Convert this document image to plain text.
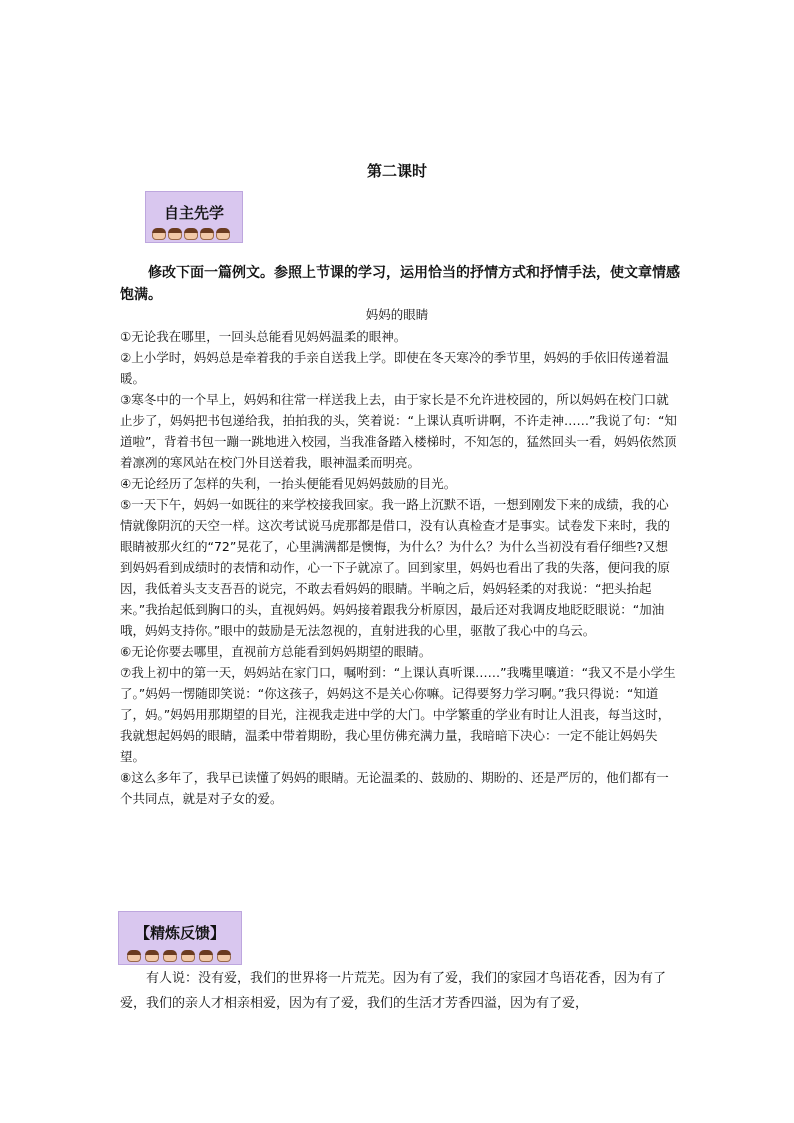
第二课时
自主先学

修改下面一篇例文。参照上节课的学习，运用恰当的抒情方式和抒情手法，使文章情感饱满。

妈妈的眼睛

①无论我在哪里，一回头总能看见妈妈温柔的眼神。

②上小学时，妈妈总是牵着我的手亲自送我上学。即使在冬天寒冷的季节里，妈妈的手依旧传递着温暖。

③寒冬中的一个早上，妈妈和往常一样送我上去，由于家长是不允许进校园的，所以妈妈在校门口就止步了，妈妈把书包递给我，拍拍我的头，笑着说：“上课认真听讲啊，不许走神……”我说了句：“知道啦”，背着书包一蹦一跳地进入校园，当我准备踏入楼梯时，不知怎的，猛然回头一看，妈妈依然顶着凛冽的寒风站在校门外目送着我，眼神温柔而明亮。

④无论经历了怎样的失利，一抬头便能看见妈妈鼓励的目光。

⑤一天下午，妈妈一如既往的来学校接我回家。我一路上沉默不语，一想到刚发下来的成绩，我的心情就像阴沉的天空一样。这次考试说马虎那都是借口，没有认真检查才是事实。试卷发下来时，我的眼睛被那火红的“72”晃花了，心里满满都是懊悔，为什么？为什么？为什么当初没有看仔细些?又想到妈妈看到成绩时的表情和动作，心一下子就凉了。回到家里，妈妈也看出了我的失落，便问我的原因，我低着头支支吾吾的说完，不敢去看妈妈的眼睛。半晌之后，妈妈轻柔的对我说：“把头抬起来。”我抬起低到胸口的头，直视妈妈。妈妈接着跟我分析原因，最后还对我调皮地眨眨眼说：“加油哦，妈妈支持你。”眼中的鼓励是无法忽视的，直射进我的心里，驱散了我心中的乌云。

⑥无论你要去哪里，直视前方总能看到妈妈期望的眼睛。

⑦我上初中的第一天，妈妈站在家门口，嘱咐到：“上课认真听课……”我嘴里嚷道：“我又不是小学生了。”妈妈一愣随即笑说：“你这孩子，妈妈这不是关心你嘛。记得要努力学习啊。”我只得说：“知道了，妈。”妈妈用那期望的目光，注视我走进中学的大门。中学繁重的学业有时让人沮丧，每当这时，我就想起妈妈的眼睛，温柔中带着期盼，我心里仿佛充满力量，我暗暗下决心：一定不能让妈妈失望。

⑧这么多年了，我早已读懂了妈妈的眼睛。无论温柔的、鼓励的、期盼的、还是严厉的，他们都有一个共同点，就是对子女的爱。

【精炼反馈】

有人说：没有爱，我们的世界将一片荒芜。因为有了爱，我们的家园才鸟语花香，因为有了爱，我们的亲人才相亲相爱，因为有了爱，我们的生活才芳香四溢，因为有了爱，
